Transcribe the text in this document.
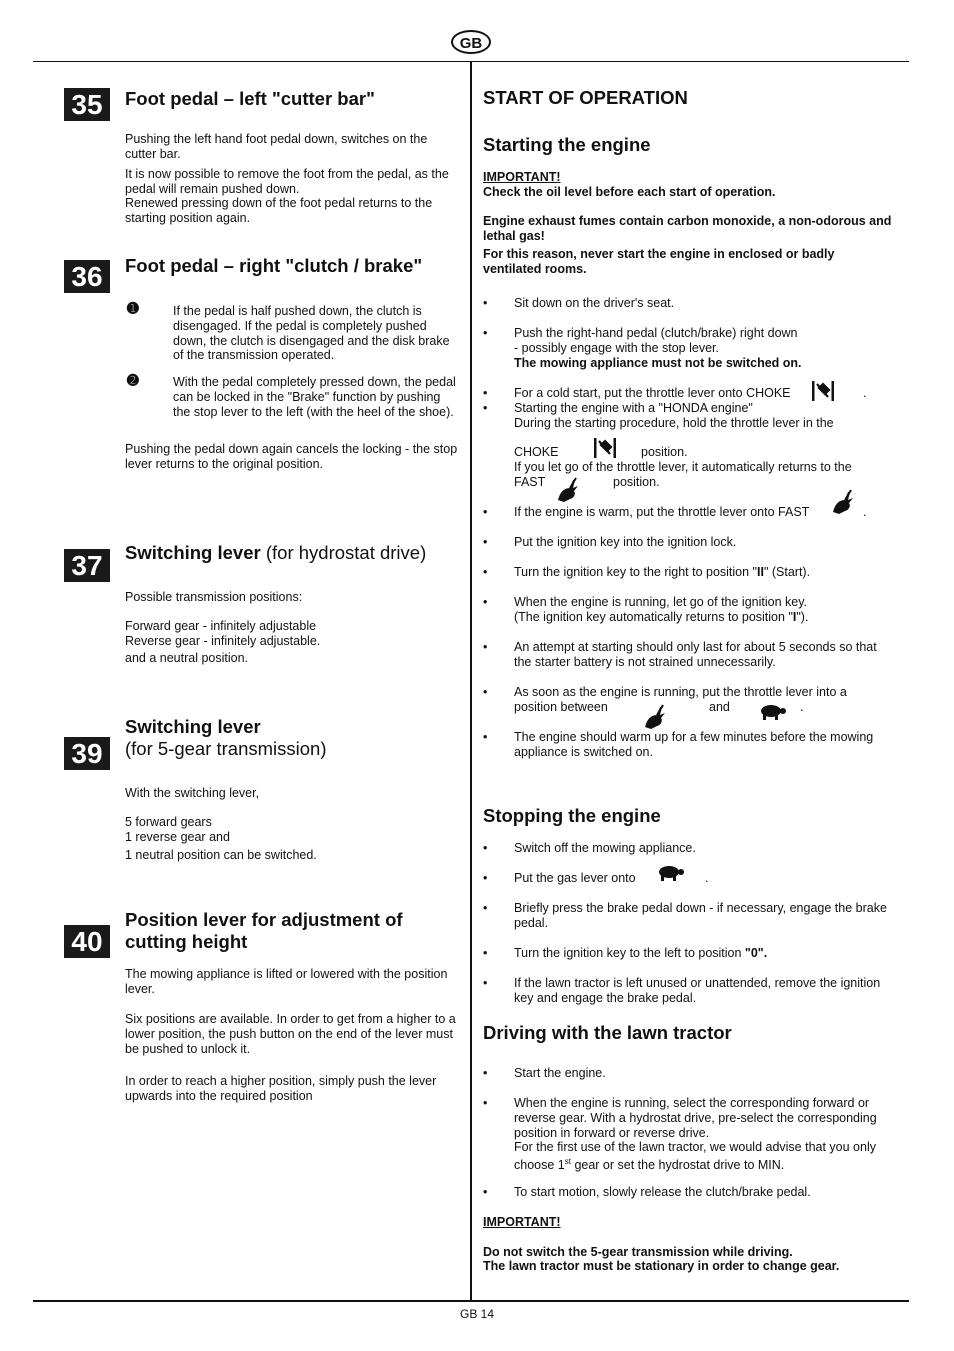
GB
GB 14
35	Foot pedal – left "cutter bar"
Pushing the left hand foot pedal down, switches on the cutter bar.
It is now possible to remove the foot from the pedal, as the pedal will remain pushed down.
Renewed pressing down of the foot pedal returns to the starting position again.
36	Foot pedal – right "clutch / brake"
➊	If the pedal is half pushed down, the clutch is disengaged. If the pedal is completely pushed down, the clutch is disengaged and the disk brake of the transmission operated.
➋	With the pedal completely pressed down, the pedal can be locked in the "Brake" function by pushing the stop lever to the left (with the heel of the shoe).
Pushing the pedal down again cancels the locking - the stop lever returns to the original position.
37	Switching lever (for hydrostat drive)
Possible transmission positions:
Forward gear - infinitely adjustable
Reverse gear - infinitely adjustable.
and a neutral position.
39
Switching lever
(for 5-gear transmission)
With the switching lever,
5 forward gears
1 reverse gear and
1 neutral position can be switched.
40
Position lever for adjustment of cutting height
The mowing appliance is lifted or lowered with the position lever.
Six positions are available. In order to get from a higher to a lower position, the push button on the end of the lever must be pushed to unlock it.
In order to reach a higher position, simply push the lever upwards into the required position
START OF OPERATION
Starting the engine
IMPORTANT!
Check the oil level before each start of operation.
Engine exhaust fumes contain carbon monoxide, a non-odorous and lethal gas!
For this reason, never start the engine in enclosed or badly ventilated rooms.
• Sit down on the driver's seat.
• Push the right-hand pedal (clutch/brake) right down
- possibly engage with the stop lever.
The mowing appliance must not be switched on.
• For a cold start, put the throttle lever onto CHOKE	.
• Starting the engine with a "HONDA engine"
During the starting procedure, hold the throttle lever in the
CHOKE	position.
If you let go of the throttle lever, it automatically returns to the
FAST	position.
• If the engine is warm, put the throttle lever onto FAST	.
• Put the ignition key into the ignition lock.
• Turn the ignition key to the right to position "II" (Start).
• When the engine is running, let go of the ignition key.
(The ignition key automatically returns to position "I").
• An attempt at starting should only last for about 5 seconds so that the starter battery is not strained unnecessarily.
• As soon as the engine is running, put the throttle lever into a
position between	and	.
• The engine should warm up for a few minutes before the mowing appliance is switched on.
Stopping the engine
• Switch off the mowing appliance.
• Put the gas lever onto	.
• Briefly press the brake pedal down - if necessary, engage the brake pedal.
• Turn the ignition key to the left to position "0".
• If the lawn tractor is left unused or unattended, remove the ignition key and engage the brake pedal.
Driving with the lawn tractor
• Start the engine.
• When the engine is running, select the corresponding forward or reverse gear. With a hydrostat drive, pre-select the corresponding position in forward or reverse drive.
For the first use of the lawn tractor, we would advise that you only choose 1st gear or set the hydrostat drive to MIN.
• To start motion, slowly release the clutch/brake pedal.
IMPORTANT!
Do not switch the 5-gear transmission while driving.
The lawn tractor must be stationary in order to change gear.
